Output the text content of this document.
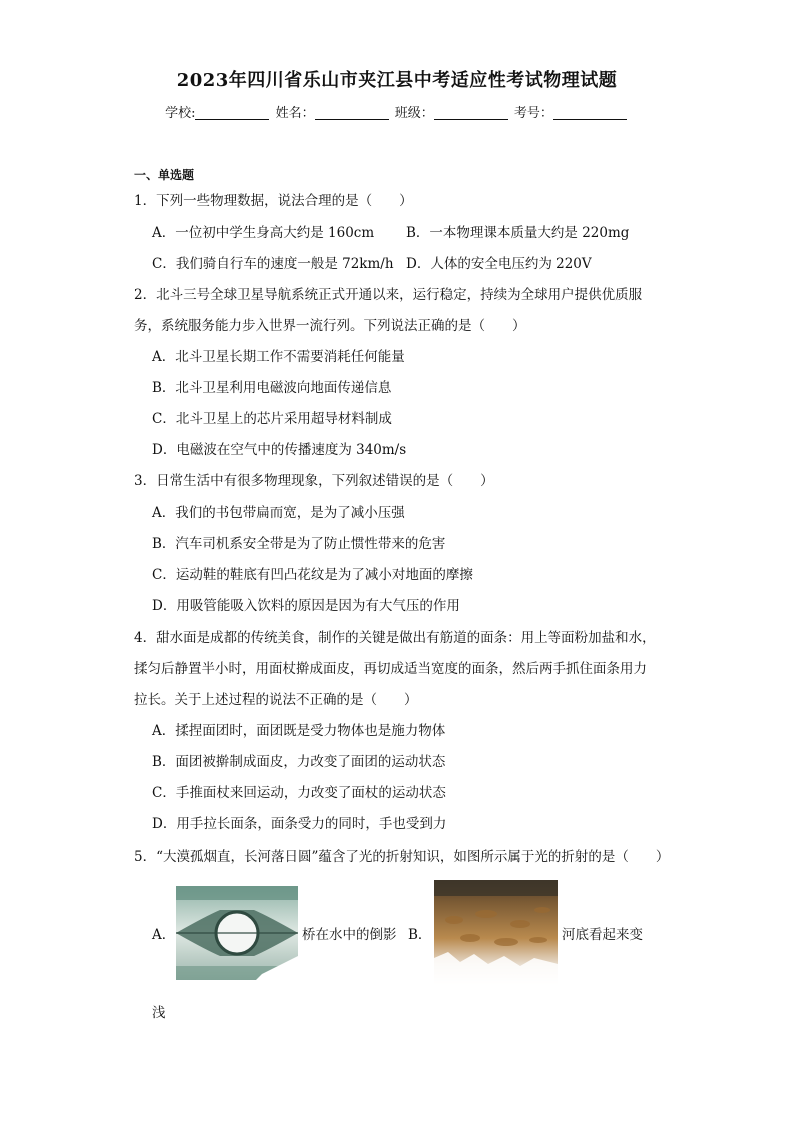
2023年四川省乐山市夹江县中考适应性考试物理试题
学校:	姓名：	班级：	考号：
一、单选题
1．下列一些物理数据，说法合理的是（　　）
A．一位初中学生身高大约是 160cm B．一本物理课本质量大约是 220mg
C．我们骑自行车的速度一般是 72km/h D．人体的安全电压约为 220V
2．北斗三号全球卫星导航系统正式开通以来，运行稳定，持续为全球用户提供优质服
务，系统服务能力步入世界一流行列。下列说法正确的是（　　）
A．北斗卫星长期工作不需要消耗任何能量
B．北斗卫星利用电磁波向地面传递信息
C．北斗卫星上的芯片采用超导材料制成
D．电磁波在空气中的传播速度为 340m/s
3．日常生活中有很多物理现象，下列叙述错误的是（　　）
A．我们的书包带扁而宽，是为了减小压强
B．汽车司机系安全带是为了防止惯性带来的危害
C．运动鞋的鞋底有凹凸花纹是为了减小对地面的摩擦
D．用吸管能吸入饮料的原因是因为有大气压的作用
4．甜水面是成都的传统美食，制作的关键是做出有筋道的面条：用上等面粉加盐和水，
揉匀后静置半小时，用面杖擀成面皮，再切成适当宽度的面条，然后两手抓住面条用力
拉长。关于上述过程的说法不正确的是（　　）
A．揉捏面团时，面团既是受力物体也是施力物体
B．面团被擀制成面皮，力改变了面团的运动状态
C．手推面杖来回运动，力改变了面杖的运动状态
D．用手拉长面条，面条受力的同时，手也受到力
5．“大漠孤烟直，长河落日圆”蕴含了光的折射知识，如图所示属于光的折射的是（　　）
A．	桥在水中的倒影 B．	河底看起来变
浅
